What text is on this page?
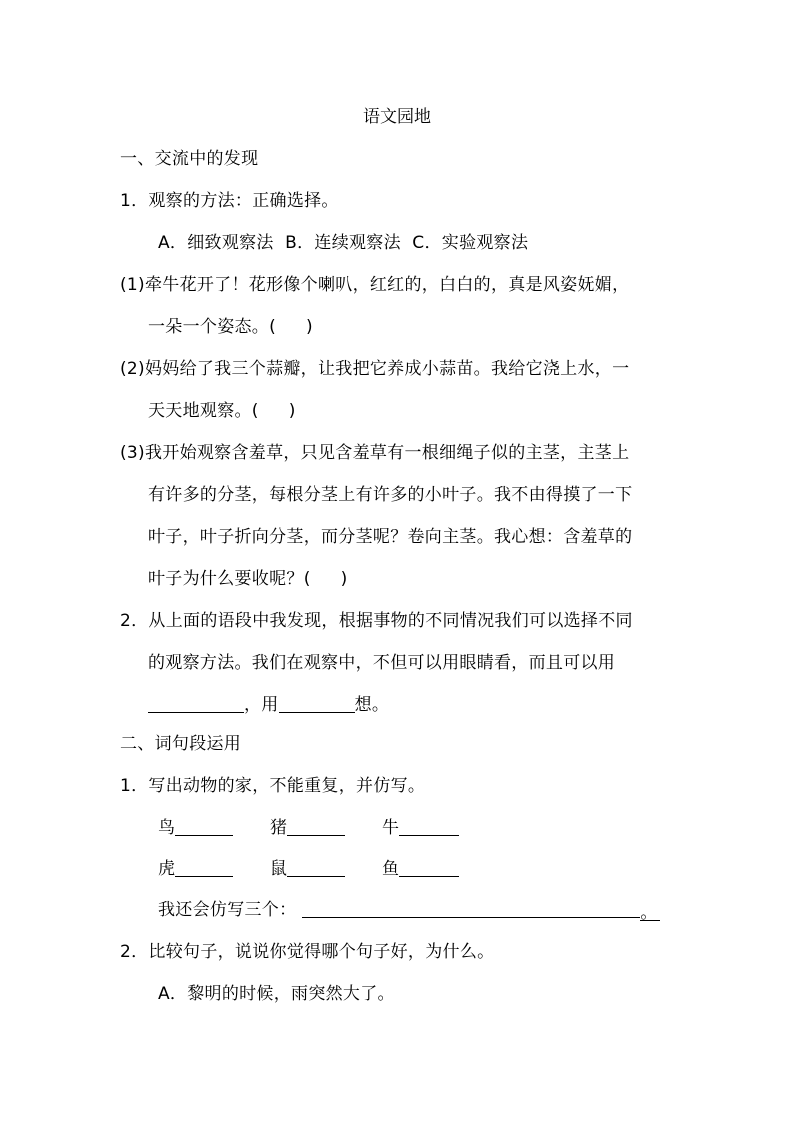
语文园地
一、交流中的发现
1．观察的方法：正确选择。
A．细致观察法  B．连续观察法  C．实验观察法
(1)牵牛花开了！花形像个喇叭，红红的，白白的，真是风姿妩媚，
一朵一个姿态。( )
(2)妈妈给了我三个蒜瓣，让我把它养成小蒜苗。我给它浇上水，一
天天地观察。( )
(3)我开始观察含羞草，只见含羞草有一根细绳子似的主茎，主茎上
有许多的分茎，每根分茎上有许多的小叶子。我不由得摸了一下
叶子，叶子折向分茎，而分茎呢？卷向主茎。我心想：含羞草的
叶子为什么要收呢？( )
2．从上面的语段中我发现，根据事物的不同情况我们可以选择不同
的观察方法。我们在观察中，不但可以用眼睛看，而且可以用
，用	想。
二、词句段运用
1．写出动物的家，不能重复，并仿写。
鸟	猪	牛
虎	鼠	鱼
我还会仿写三个：	。
2．比较句子，说说你觉得哪个句子好，为什么。
A．黎明的时候，雨突然大了。
